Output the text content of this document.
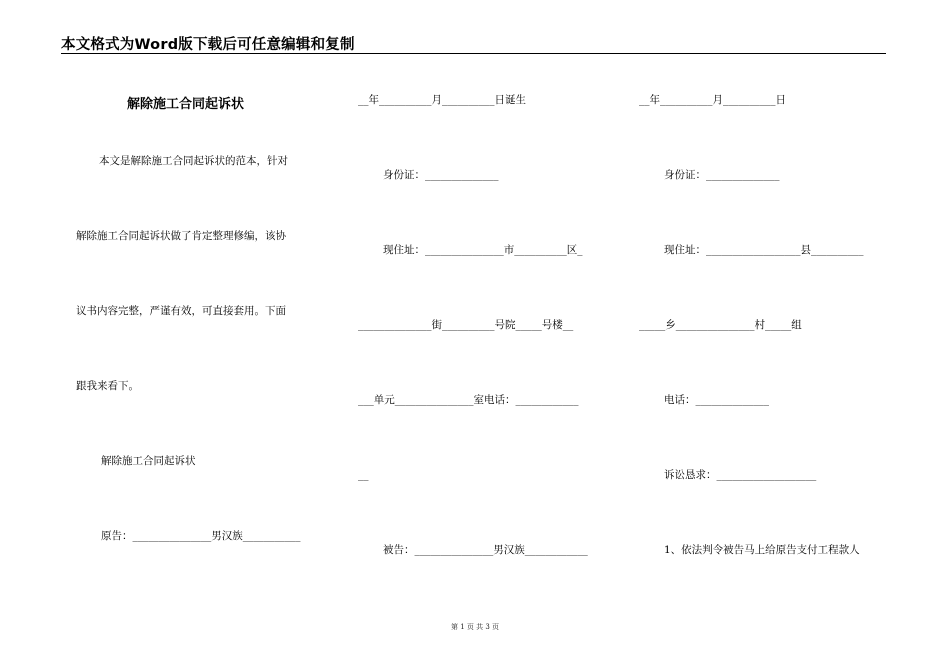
本文格式为Word版下载后可任意编辑和复制
解除施工合同起诉状
本文是解除施工合同起诉状的范本，针对
解除施工合同起诉状做了肯定整理修编，该协
议书内容完整，严谨有效，可直接套用。下面
跟我来看下。
解除施工合同起诉状
原告：_______________男汉族___________
__年__________月__________日诞生
身份证：______________
现住址：_______________市__________区_
______________街__________号院_____号楼__
___单元_______________室电话：____________
__
被告：_______________男汉族____________
__年__________月__________日
身份证：______________
现住址：__________________县__________
_____乡_______________村_____组
电话：______________
诉讼恳求：___________________
1、依法判令被告马上给原告支付工程款人
第 1 页 共 3 页
